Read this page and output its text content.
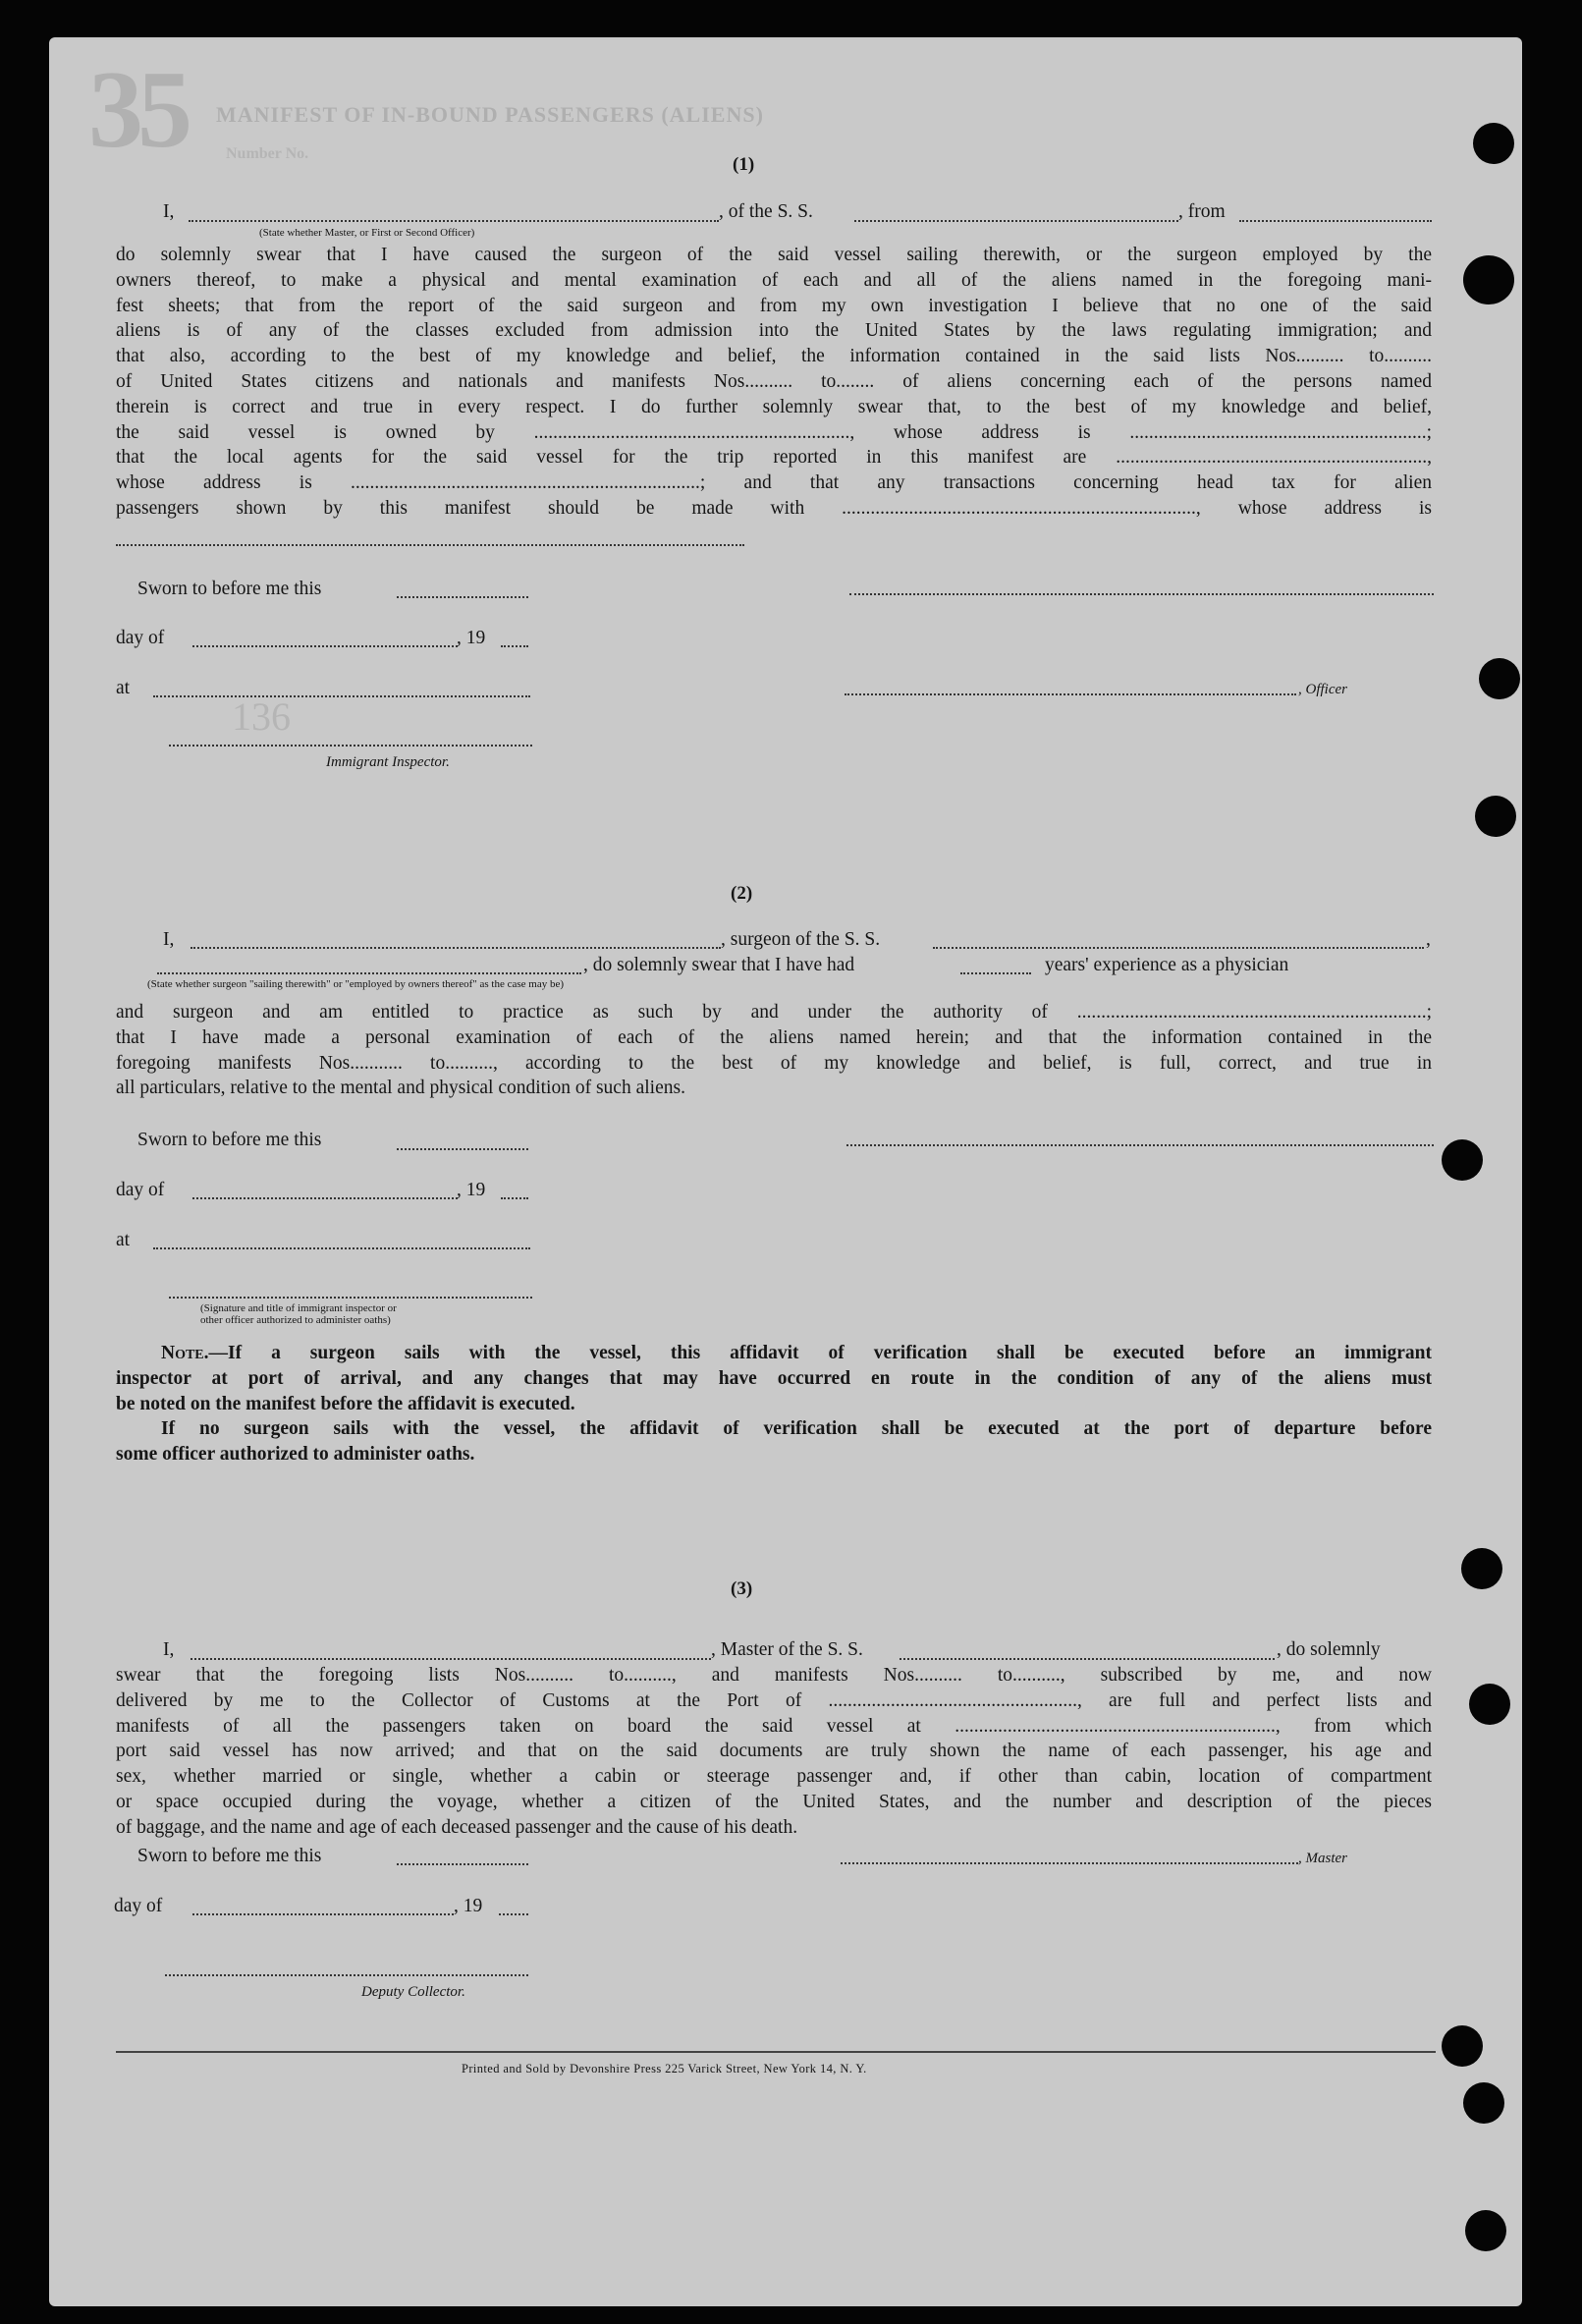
35 MANIFEST OF IN-BOUND PASSENGERS (ALIENS)
Number No.
(1)
I,	, of the S. S.	, from
(State whether Master, or First or Second Officer)
do solemnly swear that I have caused the surgeon of the said vessel sailing therewith, or the surgeon employed by the
owners thereof, to make a physical and mental examination of each and all of the aliens named in the foregoing mani-
fest sheets; that from the report of the said surgeon and from my own investigation I believe that no one of the said
aliens is of any of the classes excluded from admission into the United States by the laws regulating immigration; and
that also, according to the best of my knowledge and belief, the information contained in the said lists Nos.......... to..........
of United States citizens and nationals and manifests Nos.......... to........ of aliens concerning each of the persons named
therein is correct and true in every respect. I do further solemnly swear that, to the best of my knowledge and belief,
the said vessel is owned by .................................................................., whose address is ..............................................................;
that the local agents for the said vessel for the trip reported in this manifest are .................................................................,
whose address is .........................................................................; and that any transactions concerning head tax for alien
passengers shown by this manifest should be made with .........................................................................., whose address is
Sworn to before me this
day of	, 19
at	, Officer
136
Immigrant Inspector.
(2)
I,	, surgeon of the S. S.	,
, do solemnly swear that I have had	years' experience as a physician
(State whether surgeon "sailing therewith" or "employed by owners thereof" as the case may be)
and surgeon and am entitled to practice as such by and under the authority of .........................................................................;
that I have made a personal examination of each of the aliens named herein; and that the information contained in the
foregoing manifests Nos........... to.........., according to the best of my knowledge and belief, is full, correct, and true in
all particulars, relative to the mental and physical condition of such aliens.
Sworn to before me this
day of	, 19
at
(Signature and title of immigrant inspector or
other officer authorized to administer oaths)
Note.—If a surgeon sails with the vessel, this affidavit of verification shall be executed before an immigrant
inspector at port of arrival, and any changes that may have occurred en route in the condition of any of the aliens must
be noted on the manifest before the affidavit is executed.
If no surgeon sails with the vessel, the affidavit of verification shall be executed at the port of departure before
some officer authorized to administer oaths.
(3)
I,	, Master of the S. S.	, do solemnly
swear that the foregoing lists Nos.......... to.........., and manifests Nos.......... to.........., subscribed by me, and now
delivered by me to the Collector of Customs at the Port of ...................................................., are full and perfect lists and
manifests of all the passengers taken on board the said vessel at ..................................................................., from which
port said vessel has now arrived; and that on the said documents are truly shown the name of each passenger, his age and
sex, whether married or single, whether a cabin or steerage passenger and, if other than cabin, location of compartment
or space occupied during the voyage, whether a citizen of the United States, and the number and description of the pieces
of baggage, and the name and age of each deceased passenger and the cause of his death.
Sworn to before me this	, Master
day of	, 19
Deputy Collector.
Printed and Sold by Devonshire Press 225 Varick Street, New York 14, N. Y.
